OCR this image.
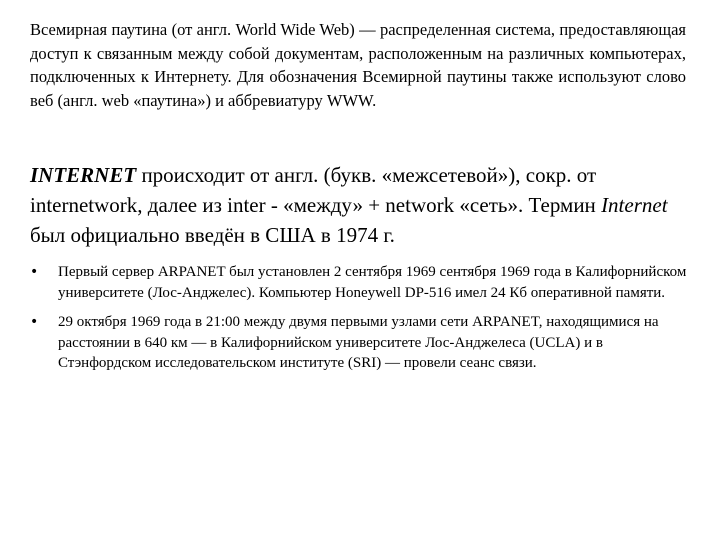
Всемирная паутина (от англ. World Wide Web) — распределенная система, предоставляющая доступ к связанным между собой документам, расположенным на различных компьютерах, подключенных к Интернету. Для обозначения Всемирной паутины также используют слово веб (англ. web «паутина») и аббревиатуру WWW.

INTERNET происходит от англ. (букв. «межсетевой»), сокр. от internetwork, далее из inter - «между» + network «сеть». Термин Internet был официально введён в США в 1974 г.

• Первый сервер ARPANET был установлен 2 сентября 1969 сентября 1969 года в Калифорнийском университете (Лос-Анджелес). Компьютер Honeywell DP-516 имел 24 Кб оперативной памяти.
• 29 октября 1969 года в 21:00 между двумя первыми узлами сети ARPANET, находящимися на расстоянии в 640 км — в Калифорнийском университете Лос-Анджелеса (UCLA) и в Стэнфордском исследовательском институте (SRI) — провели сеанс связи.
